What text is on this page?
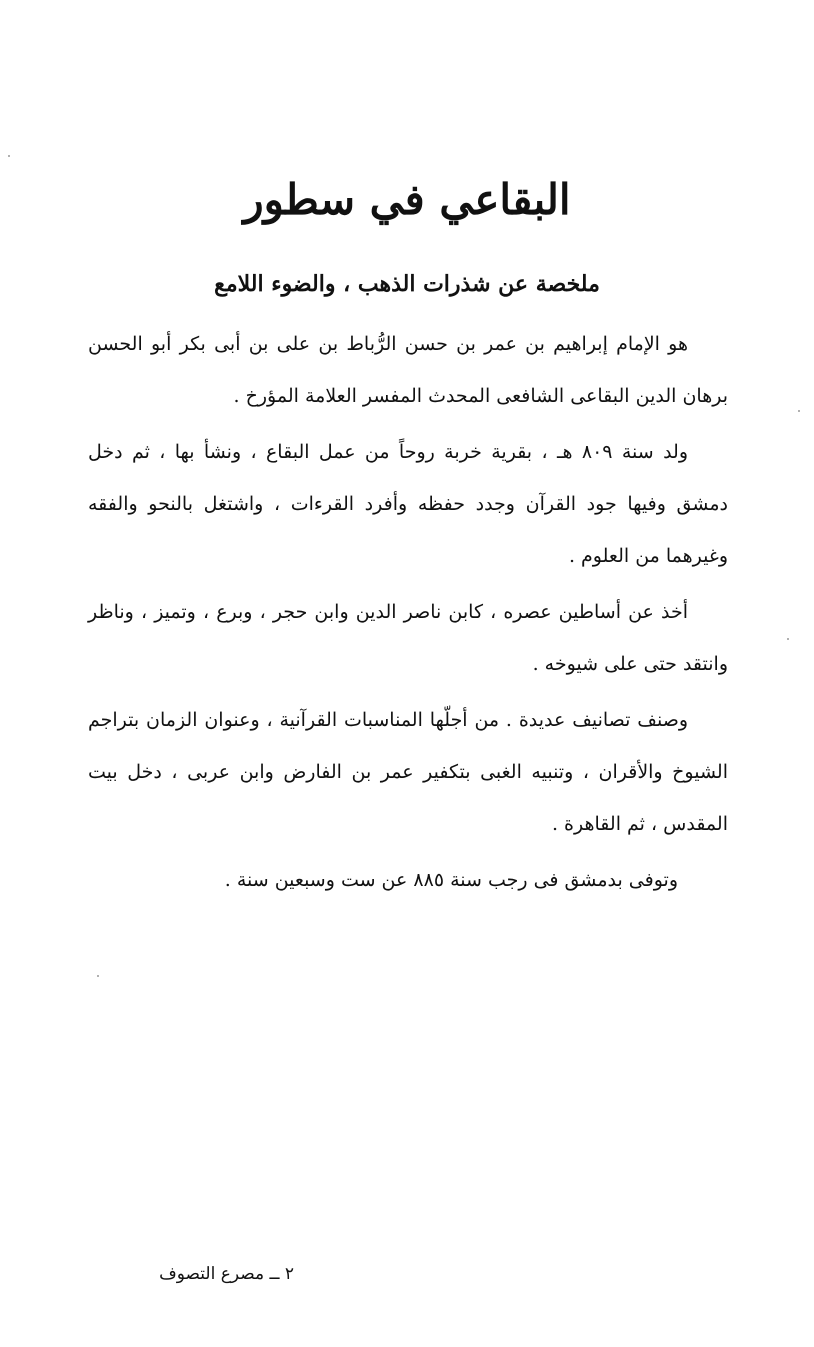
البقاعي في سطور
ملخصة عن شذرات الذهب ، والضوء اللامع

هو الإمام إبراهيم بن عمر بن حسن الرُّباط بن على بن أبى بكر أبو الحسن برهان الدين البقاعى الشافعى المحدث المفسر العلامة المؤرخ .

ولد سنة ٨٠٩ هـ ، بقرية خربة روحاً من عمل البقاع ، ونشأ بها ، ثم دخل دمشق وفيها جود القرآن وجدد حفظه وأفرد القرءات ، واشتغل بالنحو والفقه وغيرهما من العلوم .

أخذ عن أساطين عصره ، كابن ناصر الدين وابن حجر ، وبرع ، وتميز ، وناظر وانتقد حتى على شيوخه .

وصنف تصانيف عديدة . من أجلّها المناسبات القرآنية ، وعنوان الزمان بتراجم الشيوخ والأقران ، وتنبيه الغبى بتكفير عمر بن الفارض وابن عربى ، دخل بيت المقدس ، ثم القاهرة .

وتوفى بدمشق فى رجب سنة ٨٨٥ عن ست وسبعين سنة .

٢ ــ مصرع التصوف
